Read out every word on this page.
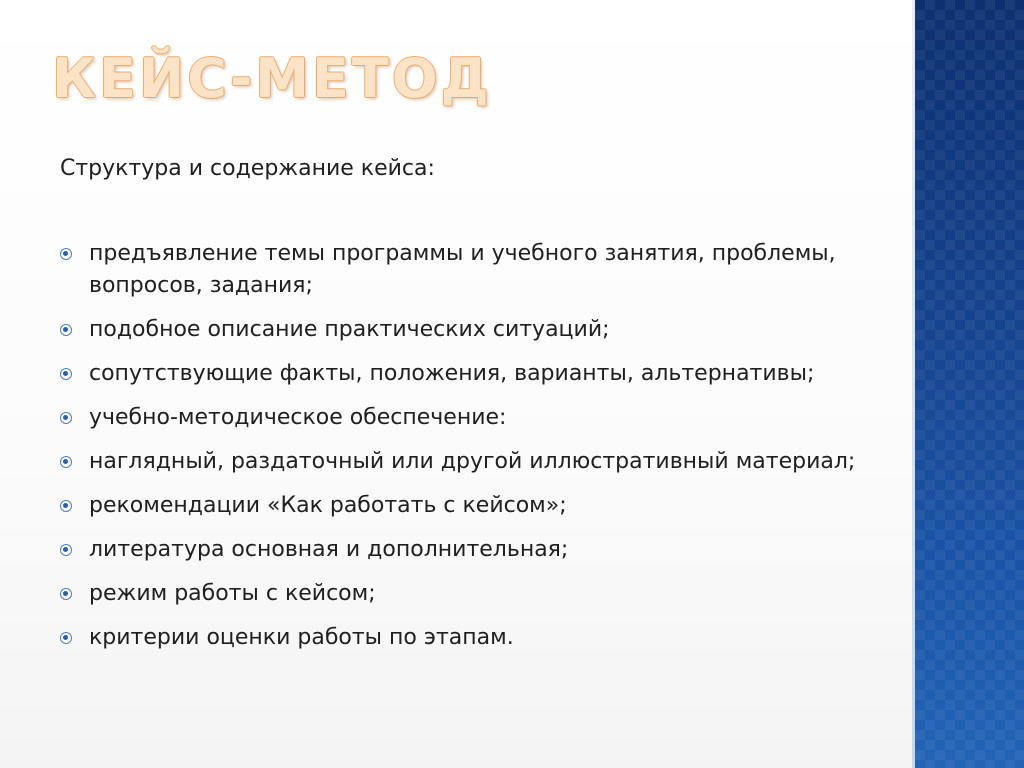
КЕЙС-МЕТОД

Структура и содержание кейса:

предъявление темы программы и учебного занятия, проблемы, вопросов, задания;
подобное описание практических ситуаций;
сопутствующие факты, положения, варианты, альтернативы;
учебно-методическое обеспечение:
наглядный, раздаточный или другой иллюстративный материал;
рекомендации «Как работать с кейсом»;
литература основная и дополнительная;
режим работы с кейсом;
критерии оценки работы по этапам.
